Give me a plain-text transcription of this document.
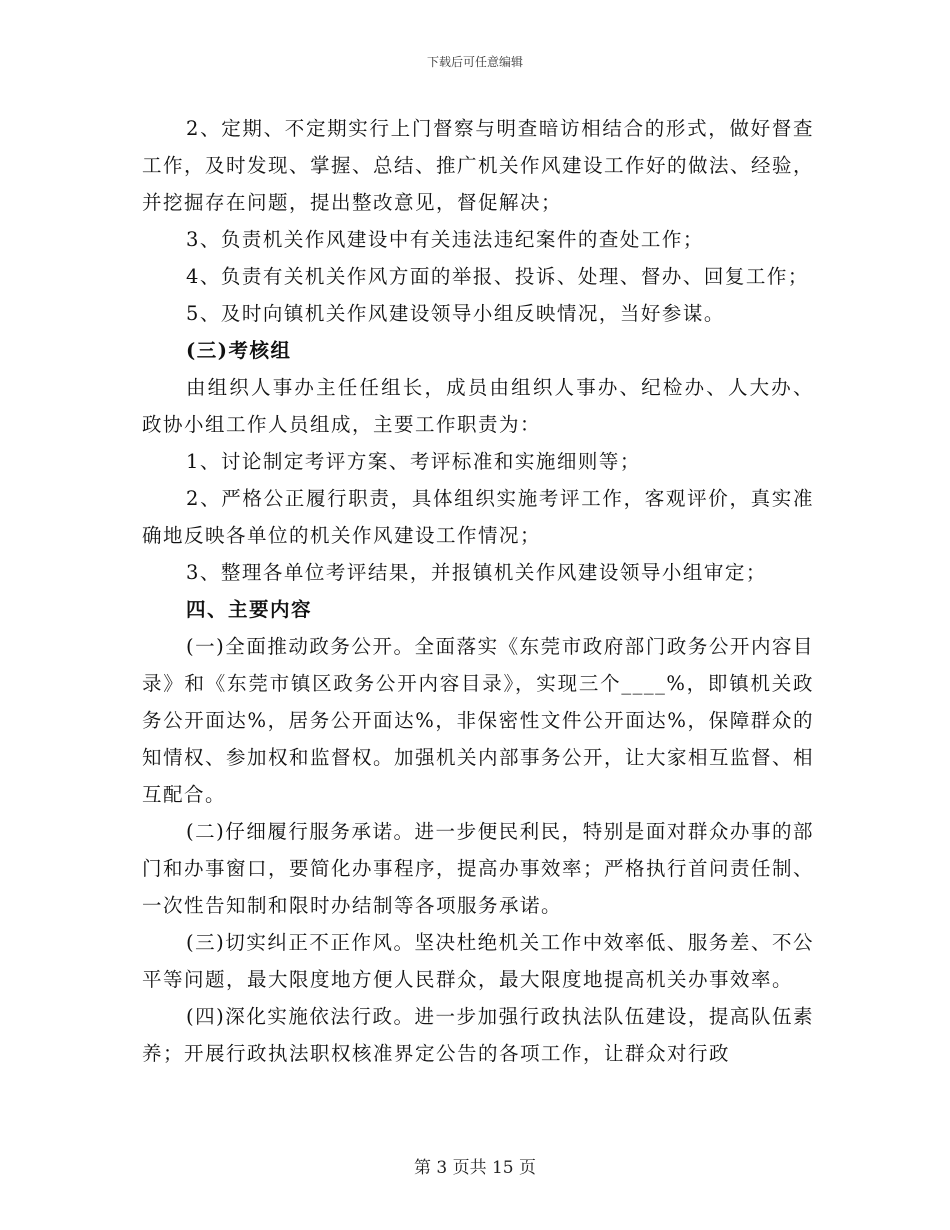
下载后可任意编辑

2、定期、不定期实行上门督察与明查暗访相结合的形式，做好督查工作，及时发现、掌握、总结、推广机关作风建设工作好的做法、经验，并挖掘存在问题，提出整改意见，督促解决；

3、负责机关作风建设中有关违法违纪案件的查处工作；

4、负责有关机关作风方面的举报、投诉、处理、督办、回复工作；

5、及时向镇机关作风建设领导小组反映情况，当好参谋。

(三)考核组

由组织人事办主任任组长，成员由组织人事办、纪检办、人大办、政协小组工作人员组成，主要工作职责为：

1、讨论制定考评方案、考评标准和实施细则等；

2、严格公正履行职责，具体组织实施考评工作，客观评价，真实准确地反映各单位的机关作风建设工作情况；

3、整理各单位考评结果，并报镇机关作风建设领导小组审定；

四、主要内容

(一)全面推动政务公开。全面落实《东莞市政府部门政务公开内容目录》和《东莞市镇区政务公开内容目录》，实现三个____%，即镇机关政务公开面达%，居务公开面达%，非保密性文件公开面达%，保障群众的知情权、参加权和监督权。加强机关内部事务公开，让大家相互监督、相互配合。

(二)仔细履行服务承诺。进一步便民利民，特别是面对群众办事的部门和办事窗口，要简化办事程序，提高办事效率；严格执行首问责任制、一次性告知制和限时办结制等各项服务承诺。

(三)切实纠正不正作风。坚决杜绝机关工作中效率低、服务差、不公平等问题，最大限度地方便人民群众，最大限度地提高机关办事效率。

(四)深化实施依法行政。进一步加强行政执法队伍建设，提高队伍素养；开展行政执法职权核准界定公告的各项工作，让群众对行政

第 3 页共 15 页
